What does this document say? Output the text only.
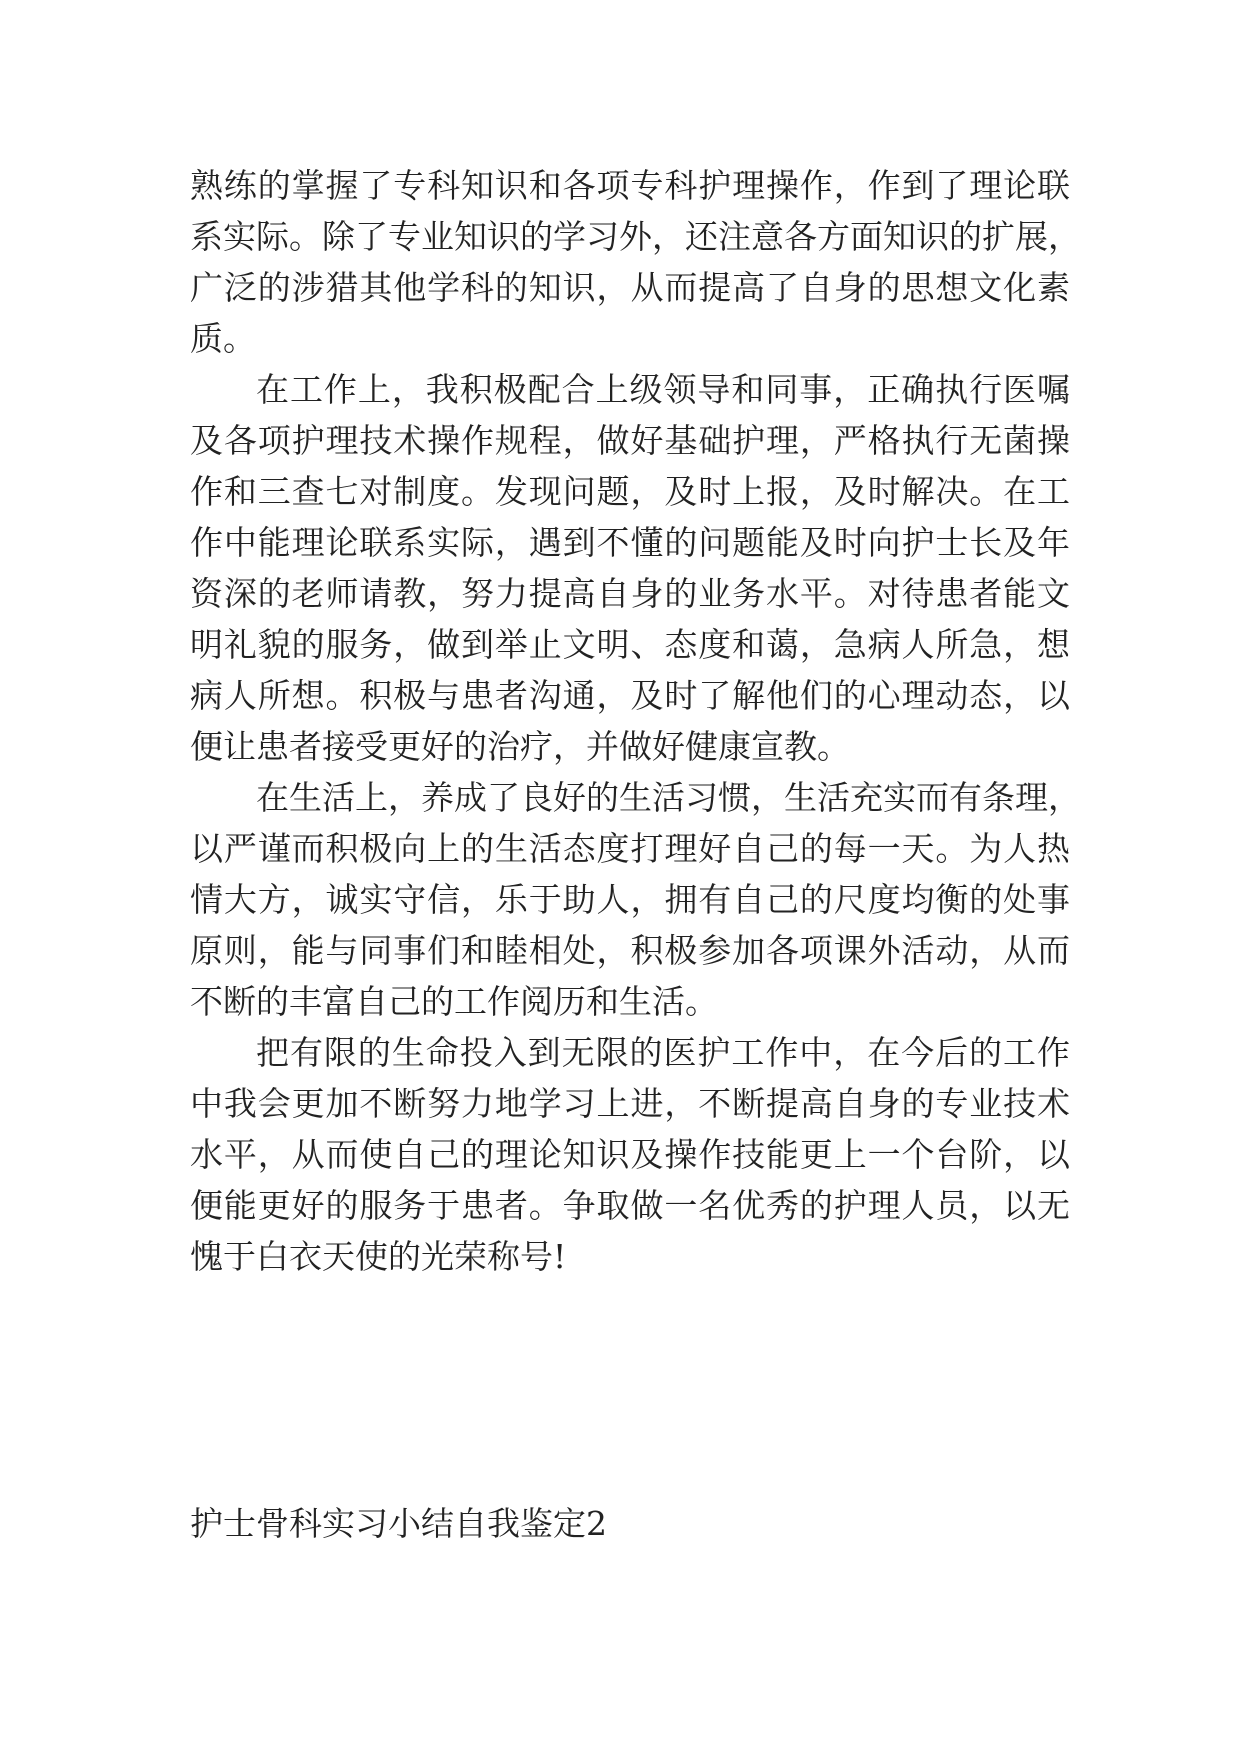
熟练的掌握了专科知识和各项专科护理操作，作到了理论联
系实际。除了专业知识的学习外，还注意各方面知识的扩展，
广泛的涉猎其他学科的知识，从而提高了自身的思想文化素
质。
在工作上，我积极配合上级领导和同事，正确执行医嘱
及各项护理技术操作规程，做好基础护理，严格执行无菌操
作和三查七对制度。发现问题，及时上报，及时解决。在工
作中能理论联系实际，遇到不懂的问题能及时向护士长及年
资深的老师请教，努力提高自身的业务水平。对待患者能文
明礼貌的服务，做到举止文明、态度和蔼，急病人所急，想
病人所想。积极与患者沟通，及时了解他们的心理动态，以
便让患者接受更好的治疗，并做好健康宣教。
在生活上，养成了良好的生活习惯，生活充实而有条理，
以严谨而积极向上的生活态度打理好自己的每一天。为人热
情大方，诚实守信，乐于助人，拥有自己的尺度均衡的处事
原则，能与同事们和睦相处，积极参加各项课外活动，从而
不断的丰富自己的工作阅历和生活。
把有限的生命投入到无限的医护工作中，在今后的工作
中我会更加不断努力地学习上进，不断提高自身的专业技术
水平，从而使自己的理论知识及操作技能更上一个台阶，以
便能更好的服务于患者。争取做一名优秀的护理人员，以无
愧于白衣天使的光荣称号!
护士骨科实习小结自我鉴定2
